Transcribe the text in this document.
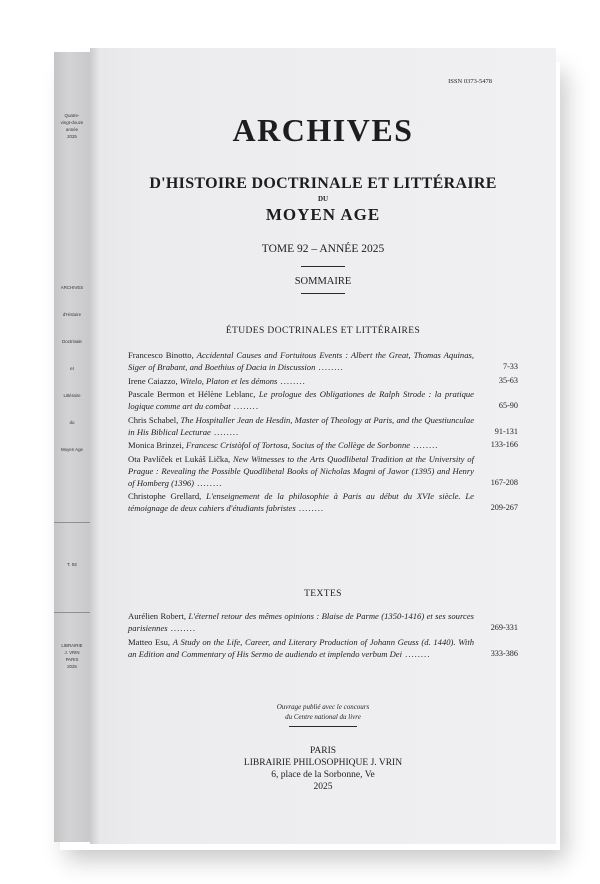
Quatre-
vingt-douze
année
2025
ARCHIVES
d'Histoire
Doctrinale
et
Littéraire
du
Moyen Age
T. 92
LIBRAIRIE
J. VRIN
PARIS
2025
ISSN 0373-5478
ARCHIVES
D'HISTOIRE DOCTRINALE ET LITTÉRAIRE
DU
MOYEN AGE
TOME 92 – ANNÉE 2025
SOMMAIRE
ÉTUDES DOCTRINALES ET LITTÉRAIRES
Francesco Binotto, Accidental Causes and Fortuitous Events : Albert the Great, Thomas Aquinas, Siger of Brabant, and Boethius of Dacia in Discussion ........	7-33
Irene Caiazzo, Witelo, Platon et les démons ........	35-63
Pascale Bermon et Hélène Leblanc, Le prologue des Obligationes de Ralph Strode : la pratique logique comme art du combat ........	65-90
Chris Schabel, The Hospitaller Jean de Hesdin, Master of Theology at Paris, and the Questiunculae in His Biblical Lecturae ........	91-131
Monica Brinzei, Francesc Cristòfol of Tortosa, Socius of the Collège de Sorbonne ........	133-166
Ota Pavlíček et Lukáš Lička, New Witnesses to the Arts Quodlibetal Tradition at the University of Prague : Revealing the Possible Quodlibetal Books of Nicholas Magni of Jawor (1395) and Henry of Homberg (1396) ........	167-208
Christophe Grellard, L'enseignement de la philosophie à Paris au début du XVIe siècle. Le témoignage de deux cahiers d'étudiants fabristes ........	209-267
TEXTES
Aurélien Robert, L'éternel retour des mêmes opinions : Blaise de Parme (1350-1416) et ses sources parisiennes ........	269-331
Matteo Esu, A Study on the Life, Career, and Literary Production of Johann Geuss (d. 1440). With an Edition and Commentary of His Sermo de audiendo et implendo verbum Dei ........	333-386
Ouvrage publié avec le concours
du Centre national du livre
PARIS
LIBRAIRIE PHILOSOPHIQUE J. VRIN
6, place de la Sorbonne, Ve
2025
